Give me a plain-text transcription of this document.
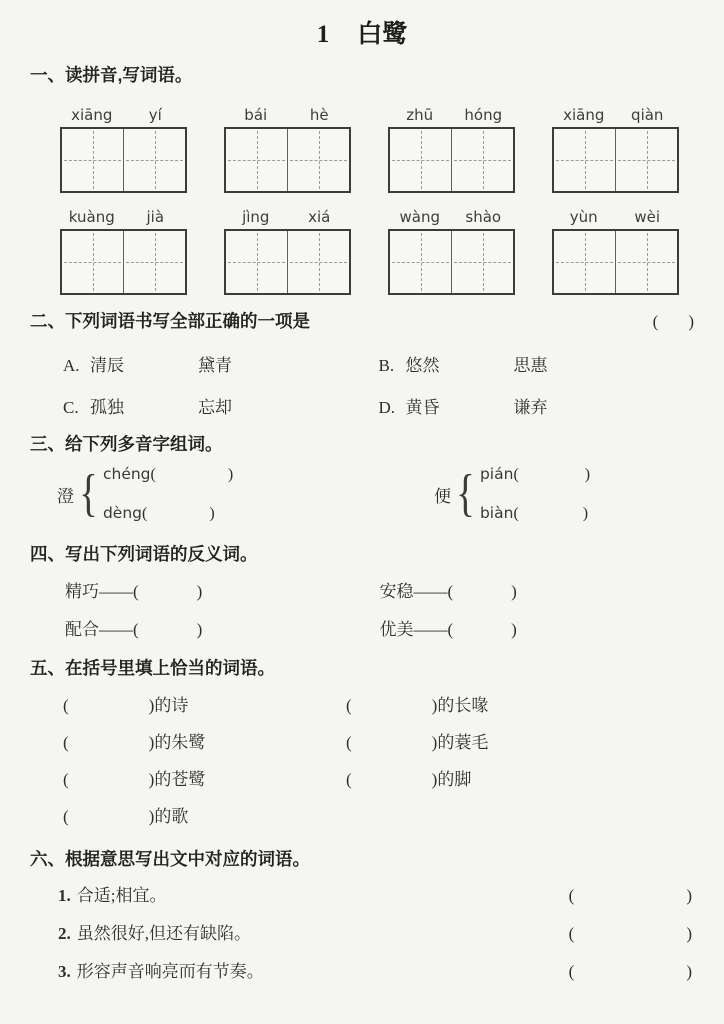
1 白鹭
一、读拼音,写词语。
xiāng	yí	bái	hè	zhū	hóng	xiāng	qiàn
kuàng	jià	jìng	xiá	wàng	shào	yùn	wèi
二、下列词语书写全部• 正确 •的一项是	( )
A. 清辰	黛青	B. 悠然	思惠
C. 孤独	忘却	D. 黄昏	谦弃
三、给下列多音字组词。
澄 { chéng(	)
dèng(	)
便 { pián(	)
biàn(	)
四、写出下列词语的反义词。
精巧——(	)	安稳——(	)
配合——(	)	优美——(	)
五、在括号里填上恰当的词语。
(	)的诗	(	)的长喙
(	)的朱鹭	(	)的蓑毛
(	)的苍鹭	(	)的脚
(	)的歌
六、根据意思写出文中对应的词语。
1. 合适;相宜。	(	)
2. 虽然很好,但还有缺陷。	(	)
3. 形容声音响亮而有节奏。	(	)
